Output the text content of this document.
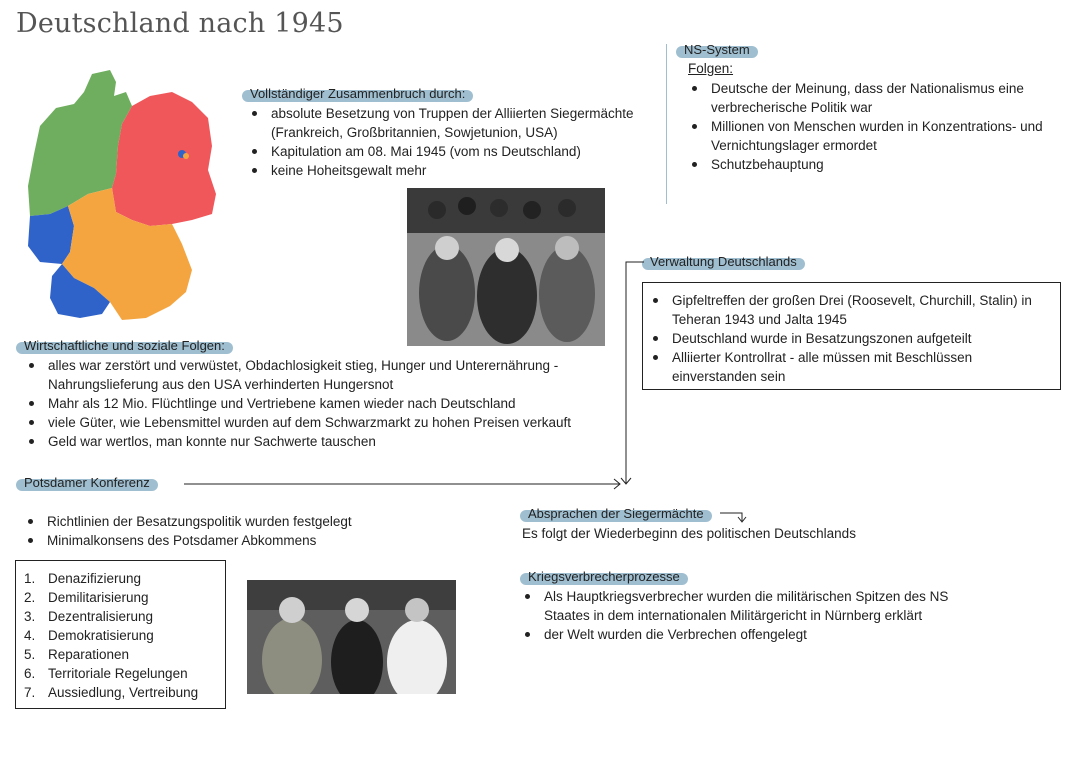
Deutschland nach 1945
Vollständiger Zusammenbruch durch:
absolute Besetzung von Truppen der Alliierten Siegermächte (Frankreich, Großbritannien, Sowjetunion, USA)
Kapitulation am 08. Mai 1945 (vom ns Deutschland)
keine Hoheitsgewalt mehr
NS-System
Folgen:
Deutsche der Meinung, dass der Nationalismus eine verbrecherische Politik war
Millionen von Menschen wurden in Konzentrations- und Vernichtungslager ermordet
Schutzbehauptung
Verwaltung Deutschlands
Gipfeltreffen der großen Drei (Roosevelt, Churchill, Stalin) in Teheran 1943 und Jalta 1945
Deutschland wurde in Besatzungszonen aufgeteilt
Alliierter Kontrollrat - alle müssen mit Beschlüssen einverstanden sein
Wirtschaftliche und soziale Folgen:
alles war zerstört und verwüstet, Obdachlosigkeit stieg, Hunger und Unterernährung - Nahrungslieferung aus den USA verhinderten Hungersnot
Mahr als 12 Mio. Flüchtlinge und Vertriebene kamen wieder nach Deutschland
viele Güter, wie Lebensmittel wurden auf dem Schwarzmarkt zu hohen Preisen verkauft
Geld war wertlos, man konnte nur Sachwerte tauschen
Potsdamer Konferenz
Richtlinien der Besatzungspolitik wurden festgelegt
Minimalkonsens des Potsdamer Abkommens
1. Denazifizierung
2. Demilitarisierung
3. Dezentralisierung
4. Demokratisierung
5. Reparationen
6. Territoriale Regelungen
7. Aussiedlung, Vertreibung
Absprachen der Siegermächte
Es folgt der Wiederbeginn des politischen Deutschlands
Kriegsverbrecherprozesse
Als Hauptkriegsverbrecher wurden die militärischen Spitzen des NS Staates in dem internationalen Militärgericht in Nürnberg erklärt
der Welt wurden die Verbrechen offengelegt
